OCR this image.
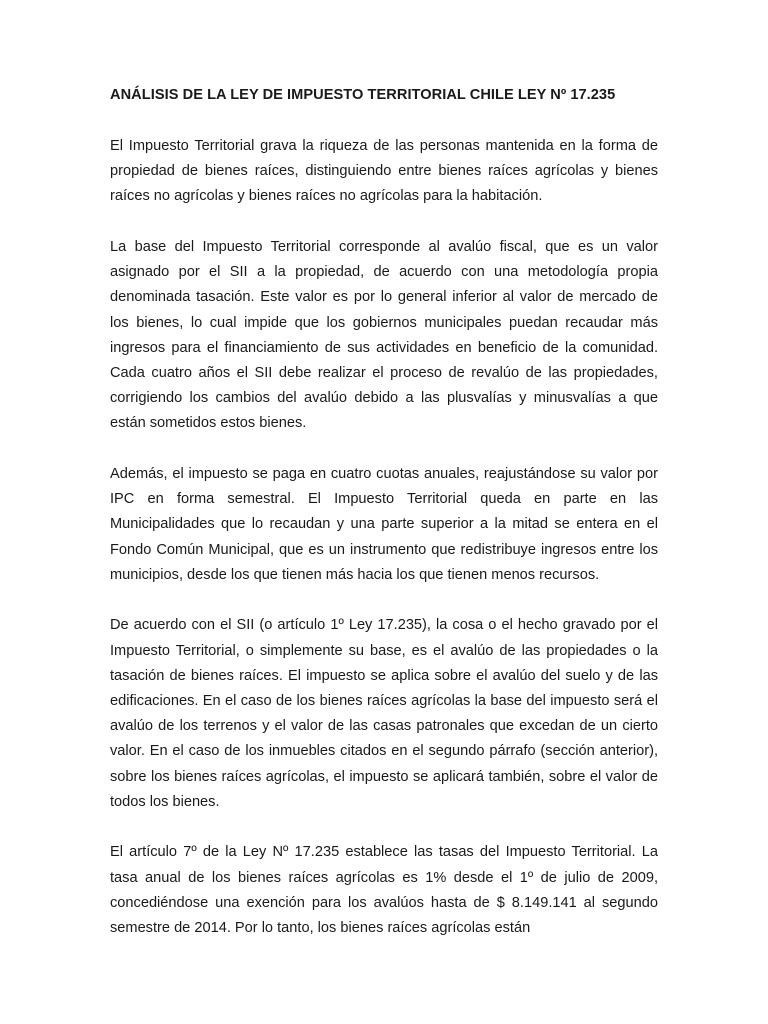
ANÁLISIS DE LA LEY DE IMPUESTO TERRITORIAL CHILE LEY Nº 17.235

El Impuesto Territorial grava la riqueza de las personas mantenida en la forma de propiedad de bienes raíces, distinguiendo entre bienes raíces agrícolas y bienes raíces no agrícolas y bienes raíces no agrícolas para la habitación.

La base del Impuesto Territorial corresponde al avalúo fiscal, que es un valor asignado por el SII a la propiedad, de acuerdo con una metodología propia denominada tasación. Este valor es por lo general inferior al valor de mercado de los bienes, lo cual impide que los gobiernos municipales puedan recaudar más ingresos para el financiamiento de sus actividades en beneficio de la comunidad. Cada cuatro años el SII debe realizar el proceso de revalúo de las propiedades, corrigiendo los cambios del avalúo debido a las plusvalías y minusvalías a que están sometidos estos bienes.

Además, el impuesto se paga en cuatro cuotas anuales, reajustándose su valor por IPC en forma semestral. El Impuesto Territorial queda en parte en las Municipalidades que lo recaudan y una parte superior a la mitad se entera en el Fondo Común Municipal, que es un instrumento que redistribuye ingresos entre los municipios, desde los que tienen más hacia los que tienen menos recursos.

De acuerdo con el SII (o artículo 1º Ley 17.235), la cosa o el hecho gravado por el Impuesto Territorial, o simplemente su base, es el avalúo de las propiedades o la tasación de bienes raíces. El impuesto se aplica sobre el avalúo del suelo y de las edificaciones. En el caso de los bienes raíces agrícolas la base del impuesto será el avalúo de los terrenos y el valor de las casas patronales que excedan de un cierto valor. En el caso de los inmuebles citados en el segundo párrafo (sección anterior), sobre los bienes raíces agrícolas, el impuesto se aplicará también, sobre el valor de todos los bienes.

El artículo 7º de la Ley Nº 17.235 establece las tasas del Impuesto Territorial. La tasa anual de los bienes raíces agrícolas es 1% desde el 1º de julio de 2009, concediéndose una exención para los avalúos hasta de $ 8.149.141 al segundo semestre de 2014. Por lo tanto, los bienes raíces agrícolas están
